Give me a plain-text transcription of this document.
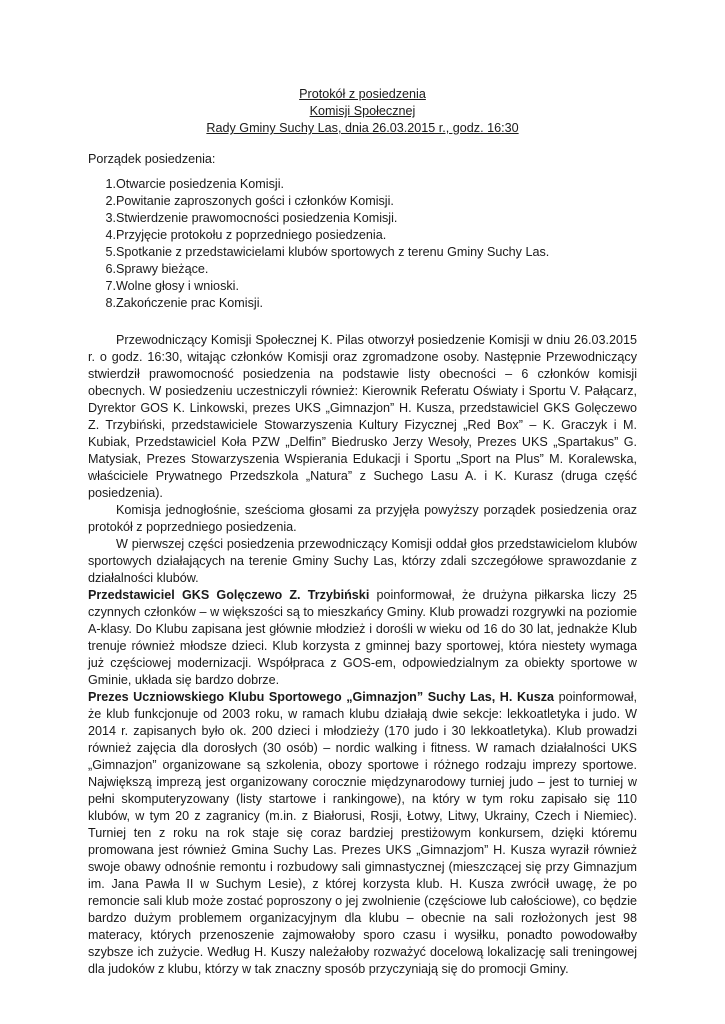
Protokół z posiedzenia
Komisji Społecznej
Rady Gminy Suchy Las, dnia 26.03.2015 r., godz. 16:30
Porządek posiedzenia:
1. Otwarcie posiedzenia Komisji.
2. Powitanie zaproszonych gości i członków Komisji.
3. Stwierdzenie prawomocności posiedzenia Komisji.
4. Przyjęcie protokołu z poprzedniego posiedzenia.
5. Spotkanie z przedstawicielami klubów sportowych z terenu Gminy Suchy Las.
6. Sprawy bieżące.
7. Wolne głosy i wnioski.
8. Zakończenie prac Komisji.

Przewodniczący Komisji Społecznej K. Pilas otworzył posiedzenie Komisji w dniu 26.03.2015 r. o godz. 16:30, witając członków Komisji oraz zgromadzone osoby. Następnie Przewodniczący stwierdził prawomocność posiedzenia na podstawie listy obecności – 6 członków komisji obecnych. W posiedzeniu uczestniczyli również: Kierownik Referatu Oświaty i Sportu V. Pałącarz, Dyrektor GOS K. Linkowski, prezes UKS „Gimnazjon” H. Kusza, przedstawiciel GKS Golęczewo Z. Trzybiński, przedstawiciele Stowarzyszenia Kultury Fizycznej „Red Box” – K. Graczyk i M. Kubiak, Przedstawiciel Koła PZW „Delfin” Biedrusko Jerzy Wesoły, Prezes UKS „Spartakus” G. Matysiak, Prezes Stowarzyszenia Wspierania Edukacji i Sportu „Sport na Plus” M. Koralewska, właściciele Prywatnego Przedszkola „Natura” z Suchego Lasu A. i K. Kurasz (druga część posiedzenia).

Komisja jednogłośnie, sześcioma głosami za przyjęła powyższy porządek posiedzenia oraz protokół z poprzedniego posiedzenia.

W pierwszej części posiedzenia przewodniczący Komisji oddał głos przedstawicielom klubów sportowych działających na terenie Gminy Suchy Las, którzy zdali szczegółowe sprawozdanie z działalności klubów.

Przedstawiciel GKS Golęczewo Z. Trzybiński poinformował, że drużyna piłkarska liczy 25 czynnych członków – w większości są to mieszkańcy Gminy. Klub prowadzi rozgrywki na poziomie A-klasy. Do Klubu zapisana jest głównie młodzież i dorośli w wieku od 16 do 30 lat, jednakże Klub trenuje również młodsze dzieci. Klub korzysta z gminnej bazy sportowej, która niestety wymaga już częściowej modernizacji. Współpraca z GOS-em, odpowiedzialnym za obiekty sportowe w Gminie, układa się bardzo dobrze.

Prezes Uczniowskiego Klubu Sportowego „Gimnazjon” Suchy Las, H. Kusza poinformował, że klub funkcjonuje od 2003 roku, w ramach klubu działają dwie sekcje: lekkoatletyka i judo. W 2014 r. zapisanych było ok. 200 dzieci i młodzieży (170 judo i 30 lekkoatletyka). Klub prowadzi również zajęcia dla dorosłych (30 osób) – nordic walking i fitness. W ramach działalności UKS „Gimnazjon” organizowane są szkolenia, obozy sportowe i różnego rodzaju imprezy sportowe. Największą imprezą jest organizowany corocznie międzynarodowy turniej judo – jest to turniej w pełni skomputeryzowany (listy startowe i rankingowe), na który w tym roku zapisało się 110 klubów, w tym 20 z zagranicy (m.in. z Białorusi, Rosji, Łotwy, Litwy, Ukrainy, Czech i Niemiec). Turniej ten z roku na rok staje się coraz bardziej prestiżowym konkursem, dzięki któremu promowana jest również Gmina Suchy Las. Prezes UKS „Gimnazjom” H. Kusza wyraził również swoje obawy odnośnie remontu i rozbudowy sali gimnastycznej (mieszczącej się przy Gimnazjum im. Jana Pawła II w Suchym Lesie), z której korzysta klub. H. Kusza zwrócił uwagę, że po remoncie sali klub może zostać poproszony o jej zwolnienie (częściowe lub całościowe), co będzie bardzo dużym problemem organizacyjnym dla klubu – obecnie na sali rozłożonych jest 98 materacy, których przenoszenie zajmowałoby sporo czasu i wysiłku, ponadto powodowałby szybsze ich zużycie. Według H. Kuszy należałoby rozważyć docelową lokalizację sali treningowej dla judoków z klubu, którzy w tak znaczny sposób przyczyniają się do promocji Gminy.
